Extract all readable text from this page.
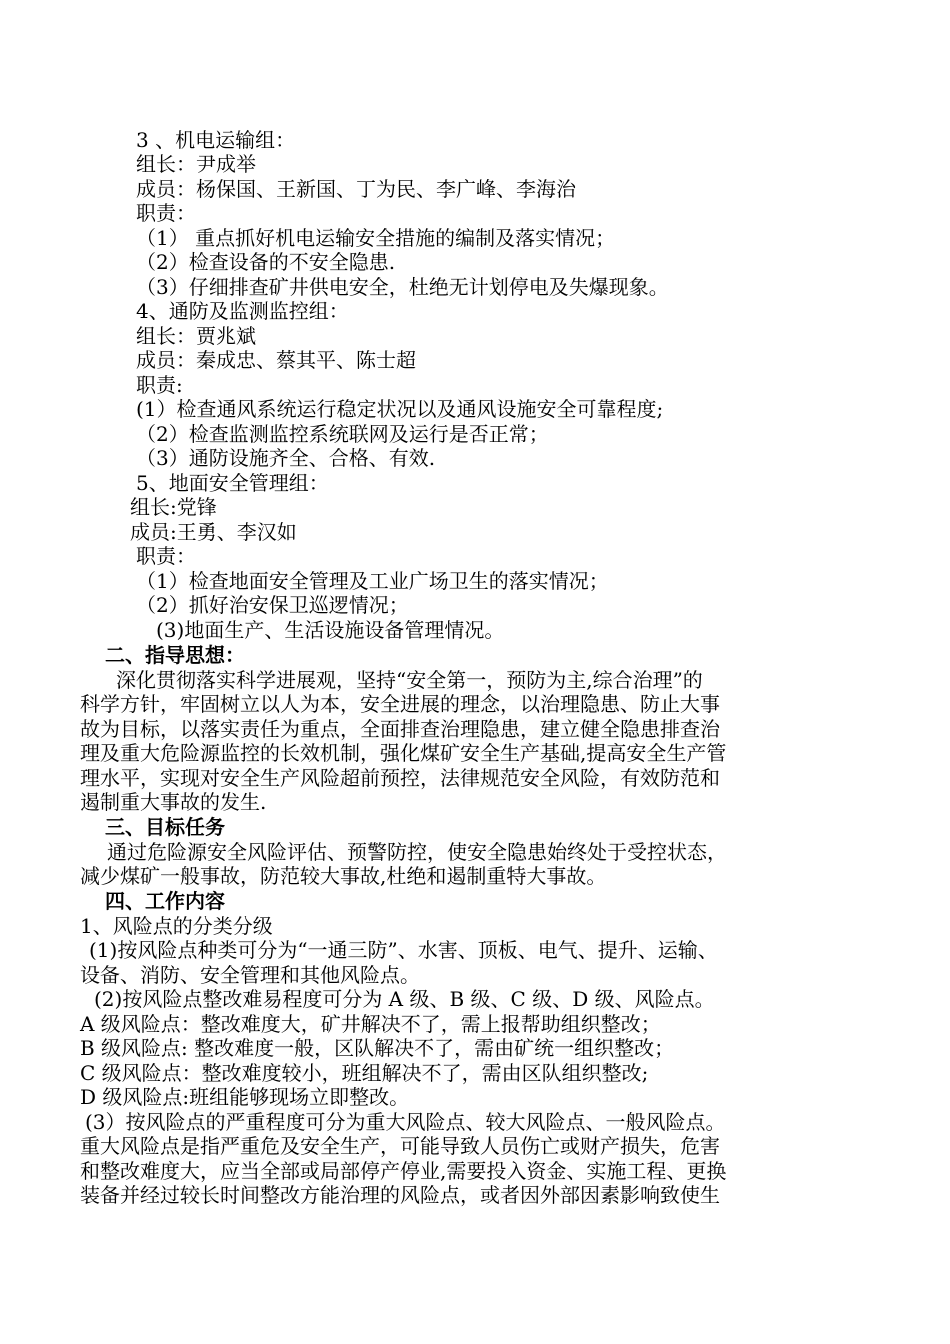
3 、机电运输组：
组长：尹成举
成员：杨保国、王新国、丁为民、李广峰、李海治
职责：
（1） 重点抓好机电运输安全措施的编制及落实情况；
（2）检查设备的不安全隐患.
（3）仔细排查矿井供电安全，杜绝无计划停电及失爆现象。
4、通防及监测监控组：
组长：贾兆斌
成员：秦成忠、蔡其平、陈士超
职责:
(1）检查通风系统运行稳定状况以及通风设施安全可靠程度;
（2）检查监测监控系统联网及运行是否正常；
（3）通防设施齐全、合格、有效.
5、地面安全管理组：
组长:党锋
成员:王勇、李汉如
职责：
（1）检查地面安全管理及工业广场卫生的落实情况；
（2）抓好治安保卫巡逻情况；
(3)地面生产、生活设施设备管理情况。
二、指导思想：
深化贯彻落实科学进展观，坚持“安全第一，预防为主,综合治理”的
科学方针，牢固树立以人为本，安全进展的理念，以治理隐患、防止大事
故为目标，以落实责任为重点，全面排查治理隐患，建立健全隐患排查治
理及重大危险源监控的长效机制，强化煤矿安全生产基础,提高安全生产管
理水平，实现对安全生产风险超前预控，法律规范安全风险，有效防范和
遏制重大事故的发生.
三、目标任务
通过危险源安全风险评估、预警防控，使安全隐患始终处于受控状态，
减少煤矿一般事故，防范较大事故,杜绝和遏制重特大事故。
四、工作内容
1、风险点的分类分级
(1)按风险点种类可分为“一通三防”、水害、顶板、电气、提升、运输、
设备、消防、安全管理和其他风险点。
(2)按风险点整改难易程度可分为 A 级、B 级、C 级、D 级、风险点。
A 级风险点：整改难度大，矿井解决不了，需上报帮助组织整改；
B 级风险点: 整改难度一般，区队解决不了，需由矿统一组织整改；
C 级风险点：整改难度较小，班组解决不了，需由区队组织整改;
D 级风险点:班组能够现场立即整改。
(3）按风险点的严重程度可分为重大风险点、较大风险点、一般风险点。
重大风险点是指严重危及安全生产，可能导致人员伤亡或财产损失，危害
和整改难度大，应当全部或局部停产停业,需要投入资金、实施工程、更换
装备并经过较长时间整改方能治理的风险点，或者因外部因素影响致使生
